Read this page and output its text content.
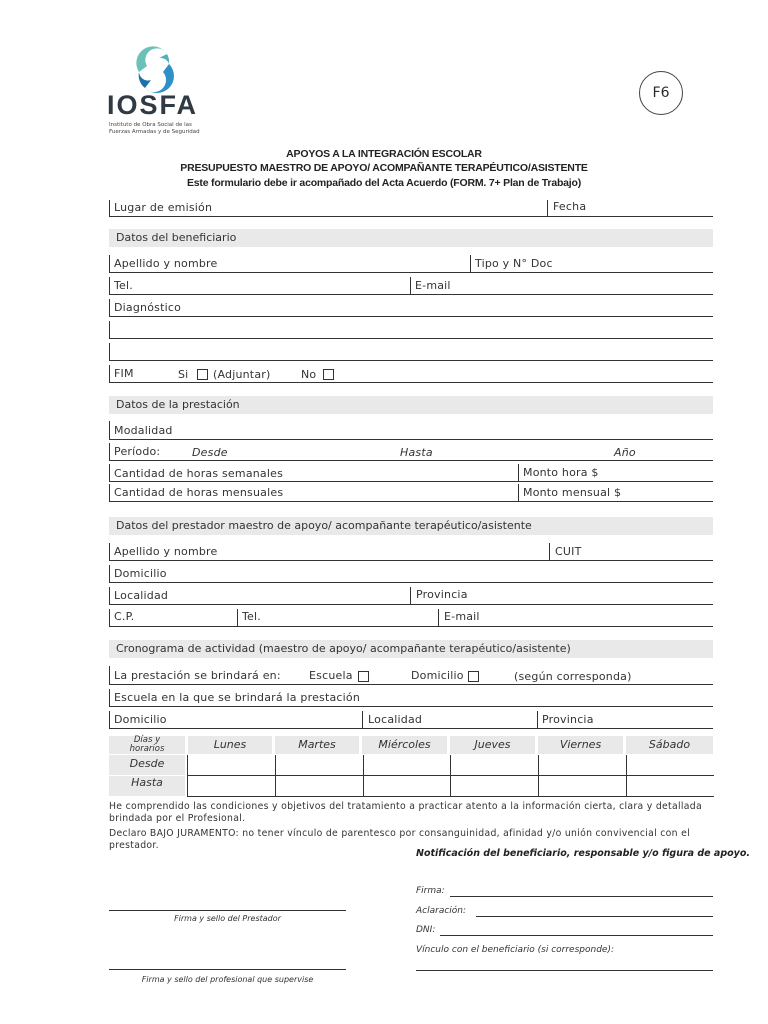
IOSFA
Instituto de Obra Social de las
Fuerzas Armadas y de Seguridad
F6
APOYOS A LA INTEGRACIÓN ESCOLAR
PRESUPUESTO MAESTRO DE APOYO/ ACOMPAÑANTE TERAPÉUTICO/ASISTENTE
Este formulario debe ir acompañado del Acta Acuerdo (FORM. 7+ Plan de Trabajo)
Lugar de emisión	Fecha
Datos del beneficiario
Apellido y nombre	Tipo y N° Doc
Tel.	E-mail
Diagnóstico
FIM	Si (Adjuntar)	No
Datos de la prestación
Modalidad
Período:	Desde	Hasta	Año
Cantidad de horas semanales	Monto hora $
Cantidad de horas mensuales	Monto mensual $
Datos del prestador maestro de apoyo/ acompañante terapéutico/asistente
Apellido y nombre	CUIT
Domicilio
Localidad	Provincia
C.P.	Tel.	E-mail
Cronograma de actividad (maestro de apoyo/ acompañante terapéutico/asistente)
La prestación se brindará en:	Escuela	Domicilio	(según corresponda)
Escuela en la que se brindará la prestación
Domicilio	Localidad	Provincia
Días y
horarios	Lunes	Martes	Miércoles	Jueves	Viernes	Sábado
Desde
Hasta
He comprendido las condiciones y objetivos del tratamiento a practicar atento a la información cierta, clara y detallada
brindada por el Profesional.
Declaro BAJO JURAMENTO: no tener vínculo de parentesco por consanguinidad, afinidad y/o unión convivencial con el
prestador.
Notificación del beneficiario, responsable y/o figura de apoyo.
Firma:
Aclaración:
DNI:
Vínculo con el beneficiario (si corresponde):
Firma y sello del Prestador
Firma y sello del profesional que supervise
